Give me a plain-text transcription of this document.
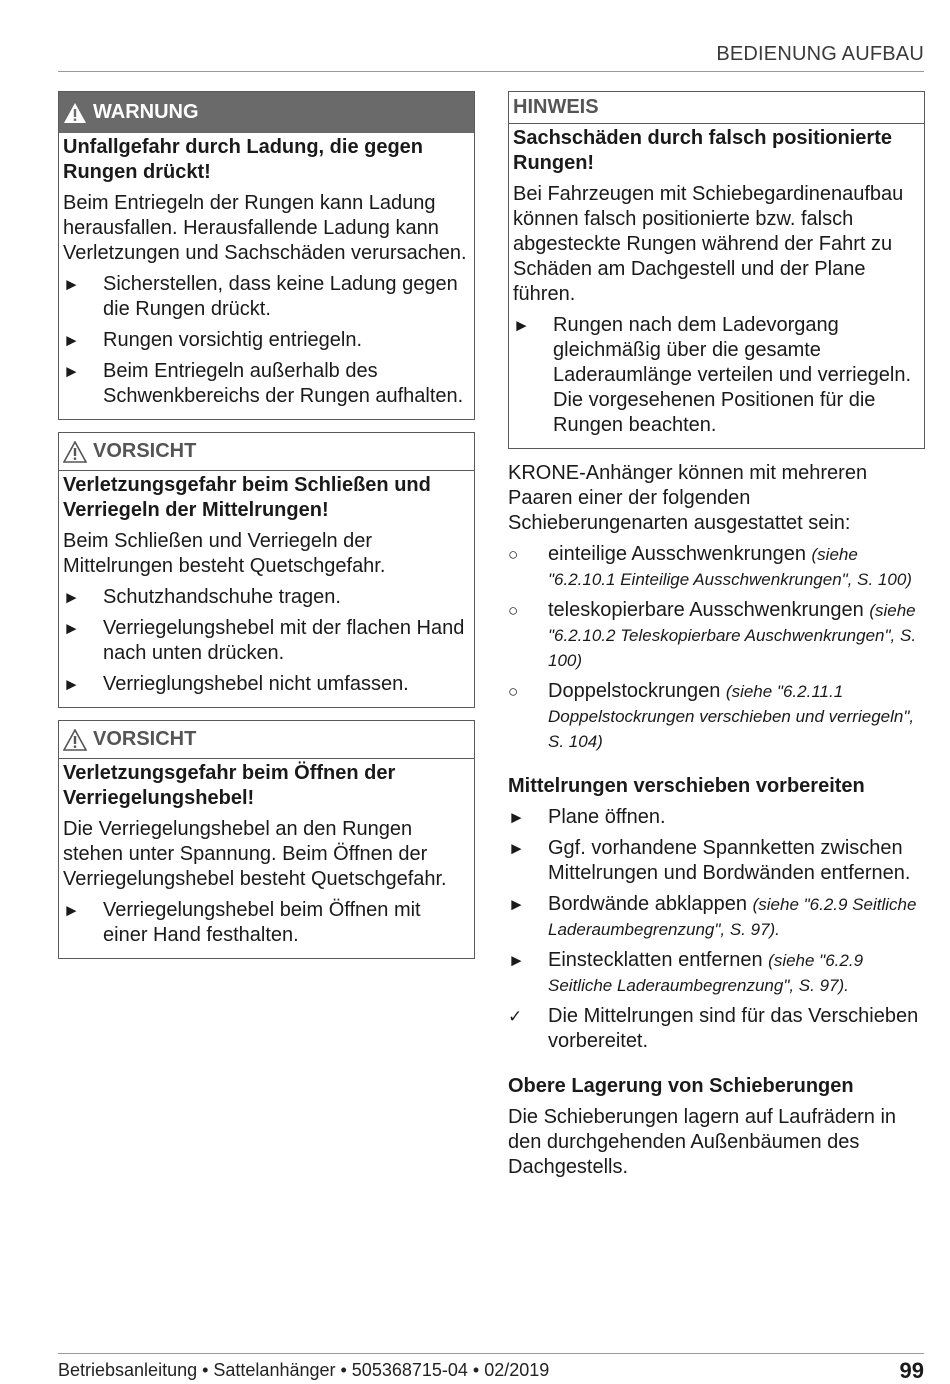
BEDIENUNG AUFBAU
WARNUNG

Unfallgefahr durch Ladung, die gegen Rungen drückt!

Beim Entriegeln der Rungen kann Ladung herausfallen. Herausfallende Ladung kann Verletzungen und Sachschäden verursachen.

►	Sicherstellen, dass keine Ladung gegen die Rungen drückt.
►	Rungen vorsichtig entriegeln.
►	Beim Entriegeln außerhalb des Schwenkbereichs der Rungen aufhalten.
VORSICHT

Verletzungsgefahr beim Schließen und Verriegeln der Mittelrungen!

Beim Schließen und Verriegeln der Mittelrungen besteht Quetschgefahr.

►	Schutzhandschuhe tragen.
►	Verriegelungshebel mit der flachen Hand nach unten drücken.
►	Verrieglungshebel nicht umfassen.
VORSICHT

Verletzungsgefahr beim Öffnen der Verriegelungshebel!

Die Verriegelungshebel an den Rungen stehen unter Spannung. Beim Öffnen der Verriegelungshebel besteht Quetschgefahr.

►	Verriegelungshebel beim Öffnen mit einer Hand festhalten.
HINWEIS

Sachschäden durch falsch positionierte Rungen!

Bei Fahrzeugen mit Schiebegardinenaufbau können falsch positionierte bzw. falsch abgesteckte Rungen während der Fahrt zu Schäden am Dachgestell und der Plane führen.

►	Rungen nach dem Ladevorgang gleichmäßig über die gesamte Laderaumlänge verteilen und verriegeln. Die vorgesehenen Positionen für die Rungen beachten.

KRONE-Anhänger können mit mehreren Paaren einer der folgenden Schieberungenarten ausgestattet sein:

○	einteilige Ausschwenkrungen (siehe "6.2.10.1 Einteilige Ausschwenkrungen", S. 100)
○	teleskopierbare Ausschwenkrungen (siehe "6.2.10.2 Teleskopierbare Auschwenkrungen", S. 100)
○	Doppelstockrungen (siehe "6.2.11.1 Doppelstockrungen verschieben und verriegeln", S. 104)
Mittelrungen verschieben vorbereiten
►	Plane öffnen.
►	Ggf. vorhandene Spannketten zwischen Mittelrungen und Bordwänden entfernen.
►	Bordwände abklappen (siehe "6.2.9 Seitliche Laderaumbegrenzung", S. 97).
►	Einstecklatten entfernen (siehe "6.2.9 Seitliche Laderaumbegrenzung", S. 97).
✓	Die Mittelrungen sind für das Verschieben vorbereitet.
Obere Lagerung von Schieberungen

Die Schieberungen lagern auf Laufrädern in den durchgehenden Außenbäumen des Dachgestells.

Betriebsanleitung • Sattelanhänger • 505368715-04 • 02/2019	99
